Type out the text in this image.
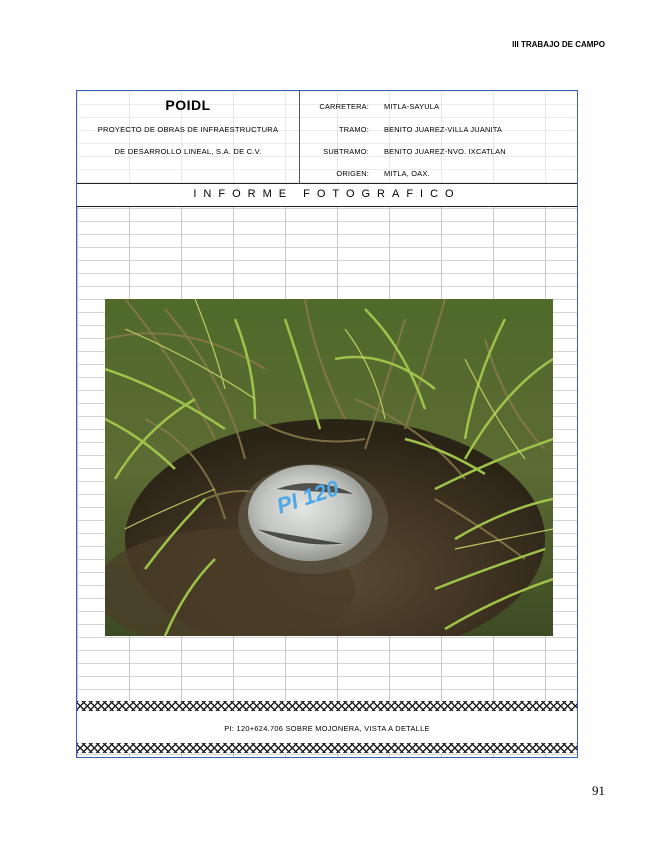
III TRABAJO DE CAMPO
POIDL
PROYECTO DE OBRAS DE INFRAESTRUCTURA
DE DESARROLLO LINEAL, S.A. DE C.V.
CARRETERA: MITLA-SAYULA
TRAMO: BENITO JUAREZ-VILLA JUANITA
SUBTRAMO: BENITO JUAREZ-NVO. IXCATLAN
ORIGEN: MITLA, OAX.
INFORME FOTOGRAFICO
PI 120
PI: 120+624.706 SOBRE MOJONERA, VISTA A DETALLE
91
